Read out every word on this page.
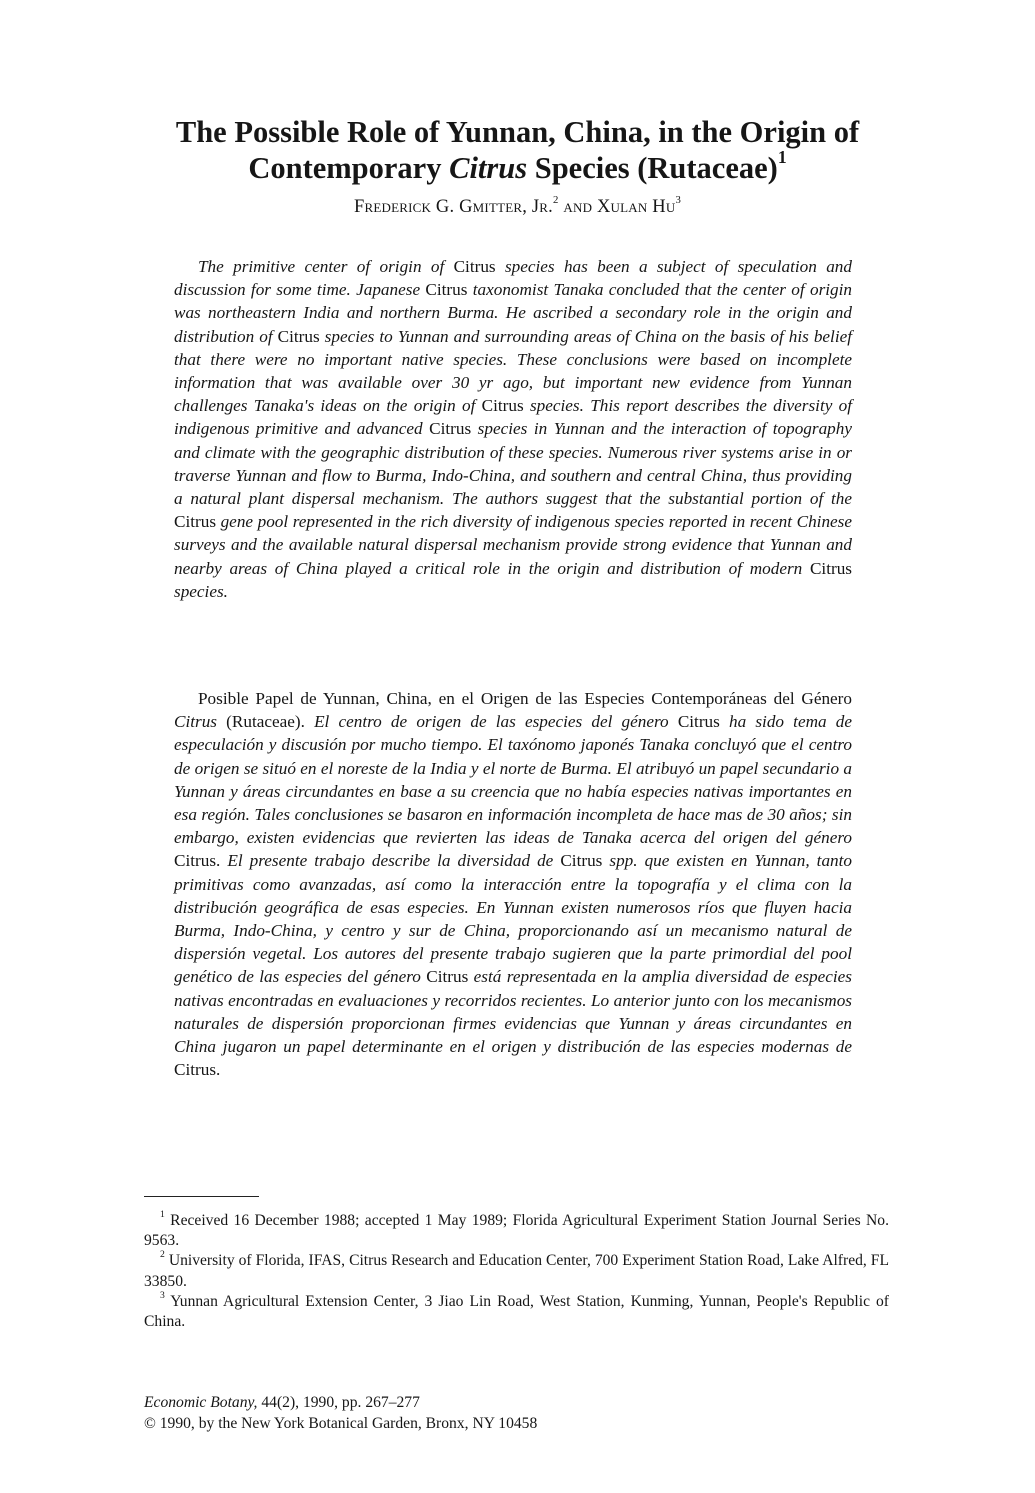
The Possible Role of Yunnan, China, in the Origin of
Contemporary Citrus Species (Rutaceae)$^1$
Frederick G. Gmitter, Jr.$^2$ and Xulan Hu$^3$

The primitive center of origin of Citrus species has been a subject of speculation and discussion for some time. Japanese Citrus taxonomist Tanaka concluded that the center of origin was northeastern India and northern Burma. He ascribed a secondary role in the origin and distribution of Citrus species to Yunnan and surrounding areas of China on the basis of his belief that there were no important native species. These conclusions were based on incomplete information that was available over 30 yr ago, but important new evidence from Yunnan challenges Tanaka's ideas on the origin of Citrus species. This report describes the diversity of indigenous primitive and advanced Citrus species in Yunnan and the interaction of topography and climate with the geographic distribution of these species. Numerous river systems arise in or traverse Yunnan and flow to Burma, Indo-China, and southern and central China, thus providing a natural plant dispersal mechanism. The authors suggest that the substantial portion of the Citrus gene pool represented in the rich diversity of indigenous species reported in recent Chinese surveys and the available natural dispersal mechanism provide strong evidence that Yunnan and nearby areas of China played a critical role in the origin and distribution of modern Citrus species.

Posible Papel de Yunnan, China, en el Origen de las Especies Contemporáneas del Género Citrus (Rutaceae). El centro de origen de las especies del género Citrus ha sido tema de especulación y discusión por mucho tiempo. El taxónomo japonés Tanaka concluyó que el centro de origen se situó en el noreste de la India y el norte de Burma. El atribuyó un papel secundario a Yunnan y áreas circundantes en base a su creencia que no había especies nativas importantes en esa región. Tales conclusiones se basaron en información incompleta de hace mas de 30 años; sin embargo, existen evidencias que revierten las ideas de Tanaka acerca del origen del género Citrus. El presente trabajo describe la diversidad de Citrus spp. que existen en Yunnan, tanto primitivas como avanzadas, así como la interacción entre la topografía y el clima con la distribución geográfica de esas especies. En Yunnan existen numerosos ríos que fluyen hacia Burma, Indo-China, y centro y sur de China, proporcionando así un mecanismo natural de dispersión vegetal. Los autores del presente trabajo sugieren que la parte primordial del pool genético de las especies del género Citrus está representada en la amplia diversidad de especies nativas encontradas en evaluaciones y recorridos recientes. Lo anterior junto con los mecanismos naturales de dispersión proporcionan firmes evidencias que Yunnan y áreas circundantes en China jugaron un papel determinante en el origen y distribución de las especies modernas de Citrus.

$^1$ Received 16 December 1988; accepted 1 May 1989; Florida Agricultural Experiment Station Journal Series No. 9563.

$^2$ University of Florida, IFAS, Citrus Research and Education Center, 700 Experiment Station Road, Lake Alfred, FL 33850.

$^3$ Yunnan Agricultural Extension Center, 3 Jiao Lin Road, West Station, Kunming, Yunnan, People's Republic of China.

Economic Botany, 44(2), 1990, pp. 267–277
© 1990, by the New York Botanical Garden, Bronx, NY 10458
